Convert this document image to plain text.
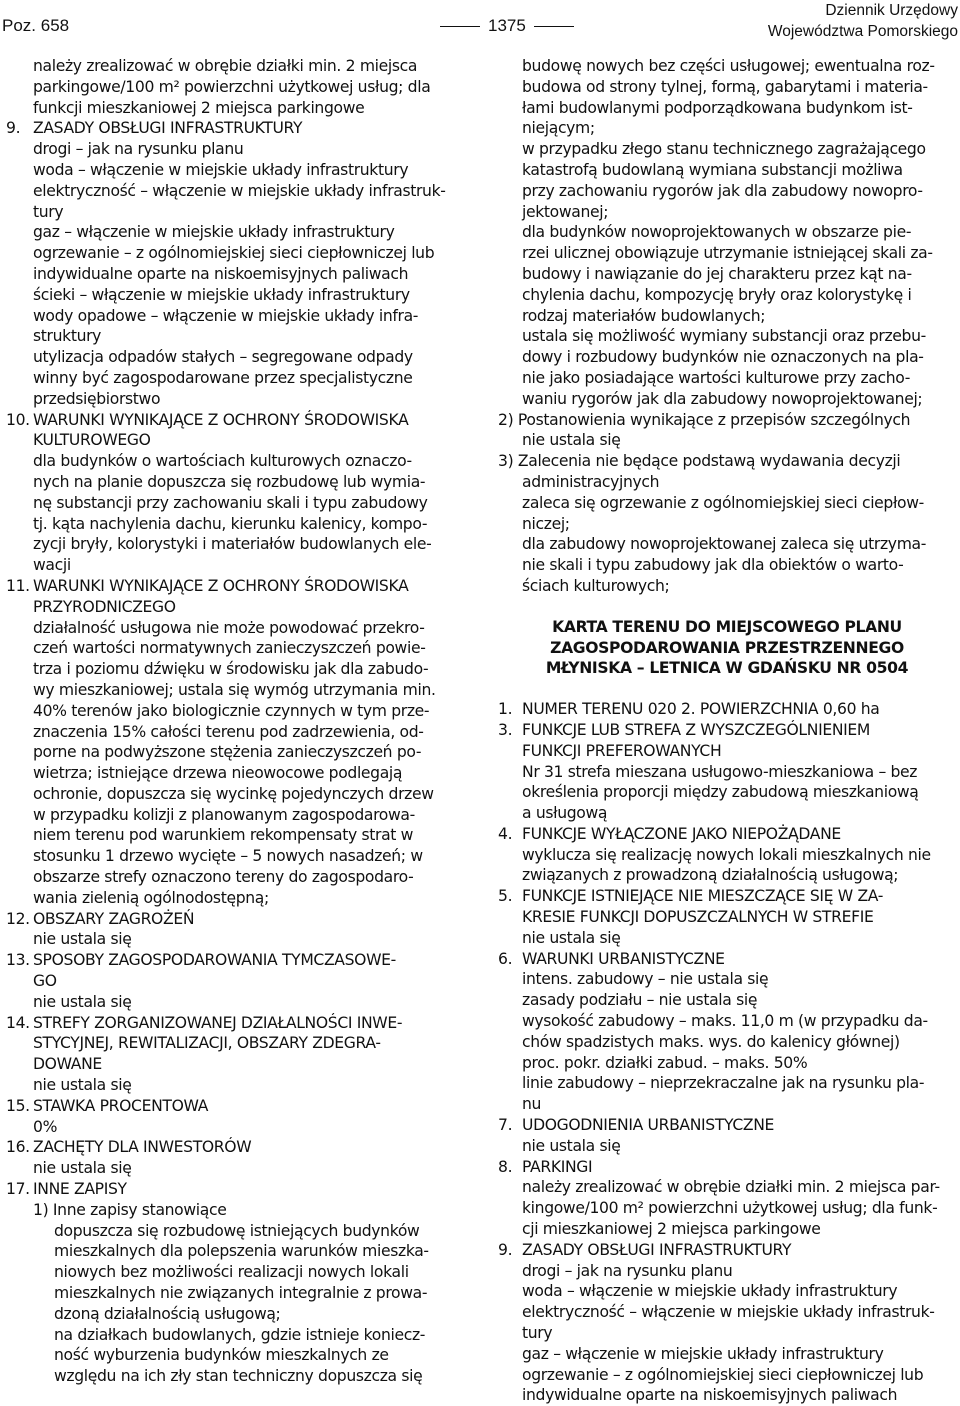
Poz. 658	1375
Dziennik Urzędowy
Województwa Pomorskiego
należy zrealizować w obrębie działki min. 2 miejsca
parkingowe/100 m² powierzchni użytkowej usług; dla
funkcji mieszkaniowej 2 miejsca parkingowe
9. ZASADY OBSŁUGI INFRASTRUKTURY
drogi – jak na rysunku planu
woda – włączenie w miejskie układy infrastruktury
elektryczność – włączenie w miejskie układy infrastruk-
tury
gaz – włączenie w miejskie układy infrastruktury
ogrzewanie – z ogólnomiejskiej sieci ciepłowniczej lub
indywidualne oparte na niskoemisyjnych paliwach
ścieki – włączenie w miejskie układy infrastruktury
wody opadowe – włączenie w miejskie układy infra-
struktury
utylizacja odpadów stałych – segregowane odpady
winny być zagospodarowane przez specjalistyczne
przedsiębiorstwo
10. WARUNKI WYNIKAJĄCE Z OCHRONY ŚRODOWISKA
KULTUROWEGO
dla budynków o wartościach kulturowych oznaczo-
nych na planie dopuszcza się rozbudowę lub wymia-
nę substancji przy zachowaniu skali i typu zabudowy
tj. kąta nachylenia dachu, kierunku kalenicy, kompo-
zycji bryły, kolorystyki i materiałów budowlanych ele-
wacji
11. WARUNKI WYNIKAJĄCE Z OCHRONY ŚRODOWISKA
PRZYRODNICZEGO
działalność usługowa nie może powodować przekro-
czeń wartości normatywnych zanieczyszczeń powie-
trza i poziomu dźwięku w środowisku jak dla zabudo-
wy mieszkaniowej; ustala się wymóg utrzymania min.
40% terenów jako biologicznie czynnych w tym prze-
znaczenia 15% całości terenu pod zadrzewienia, od-
porne na podwyższone stężenia zanieczyszczeń po-
wietrza; istniejące drzewa nieowocowe podlegają
ochronie, dopuszcza się wycinkę pojedynczych drzew
w przypadku kolizji z planowanym zagospodarowa-
niem terenu pod warunkiem rekompensaty strat w
stosunku 1 drzewo wycięte – 5 nowych nasadzeń; w
obszarze strefy oznaczono tereny do zagospodaro-
wania zielenią ogólnodostępną;
12. OBSZARY ZAGROŻEŃ
nie ustala się
13. SPOSOBY ZAGOSPODAROWANIA TYMCZASOWE-
GO
nie ustala się
14. STREFY ZORGANIZOWANEJ DZIAŁALNOŚCI INWE-
STYCYJNEJ, REWITALIZACJI, OBSZARY ZDEGRA-
DOWANE
nie ustala się
15. STAWKA PROCENTOWA
0%
16. ZACHĘTY DLA INWESTORÓW
nie ustala się
17. INNE ZAPISY
1) Inne zapisy stanowiące
dopuszcza się rozbudowę istniejących budynków
mieszkalnych dla polepszenia warunków mieszka-
niowych bez możliwości realizacji nowych lokali
mieszkalnych nie związanych integralnie z prowa-
dzoną działalnością usługową;
na działkach budowlanych, gdzie istnieje koniecz-
ność wyburzenia budynków mieszkalnych ze
względu na ich zły stan techniczny dopuszcza się
budowę nowych bez części usługowej; ewentualna roz-
budowa od strony tylnej, formą, gabarytami i materia-
łami budowlanymi podporządkowana budynkom ist-
niejącym;
w przypadku złego stanu technicznego zagrażającego
katastrofą budowlaną wymiana substancji możliwa
przy zachowaniu rygorów jak dla zabudowy nowopro-
jektowanej;
dla budynków nowoprojektowanych w obszarze pie-
rzei ulicznej obowiązuje utrzymanie istniejącej skali za-
budowy i nawiązanie do jej charakteru przez kąt na-
chylenia dachu, kompozycję bryły oraz kolorystykę i
rodzaj materiałów budowlanych;
ustala się możliwość wymiany substancji oraz przebu-
dowy i rozbudowy budynków nie oznaczonych na pla-
nie jako posiadające wartości kulturowe przy zacho-
waniu rygorów jak dla zabudowy nowoprojektowanej;
2) Postanowienia wynikające z przepisów szczególnych
nie ustala się
3) Zalecenia nie będące podstawą wydawania decyzji
administracyjnych
zaleca się ogrzewanie z ogólnomiejskiej sieci ciepłow-
niczej;
dla zabudowy nowoprojektowanej zaleca się utrzyma-
nie skali i typu zabudowy jak dla obiektów o warto-
ściach kulturowych;
KARTA TERENU DO MIEJSCOWEGO PLANU
ZAGOSPODAROWANIA PRZESTRZENNEGO
MŁYNISKA – LETNICA W GDAŃSKU NR 0504
1. NUMER TERENU 020 2. POWIERZCHNIA 0,60 ha
3. FUNKCJE LUB STREFA Z WYSZCZEGÓLNIENIEM
FUNKCJI PREFEROWANYCH
Nr 31 strefa mieszana usługowo-mieszkaniowa – bez
określenia proporcji między zabudową mieszkaniową
a usługową
4. FUNKCJE WYŁĄCZONE JAKO NIEPOŻĄDANE
wyklucza się realizację nowych lokali mieszkalnych nie
związanych z prowadzoną działalnością usługową;
5. FUNKCJE ISTNIEJĄCE NIE MIESZCZĄCE SIĘ W ZA-
KRESIE FUNKCJI DOPUSZCZALNYCH W STREFIE
nie ustala się
6. WARUNKI URBANISTYCZNE
intens. zabudowy – nie ustala się
zasady podziału – nie ustala się
wysokość zabudowy – maks. 11,0 m (w przypadku da-
chów spadzistych maks. wys. do kalenicy głównej)
proc. pokr. działki zabud. – maks. 50%
linie zabudowy – nieprzekraczalne jak na rysunku pla-
nu
7. UDOGODNIENIA URBANISTYCZNE
nie ustala się
8. PARKINGI
należy zrealizować w obrębie działki min. 2 miejsca par-
kingowe/100 m² powierzchni użytkowej usług; dla funk-
cji mieszkaniowej 2 miejsca parkingowe
9. ZASADY OBSŁUGI INFRASTRUKTURY
drogi – jak na rysunku planu
woda – włączenie w miejskie układy infrastruktury
elektryczność – włączenie w miejskie układy infrastruk-
tury
gaz – włączenie w miejskie układy infrastruktury
ogrzewanie – z ogólnomiejskiej sieci ciepłowniczej lub
indywidualne oparte na niskoemisyjnych paliwach
